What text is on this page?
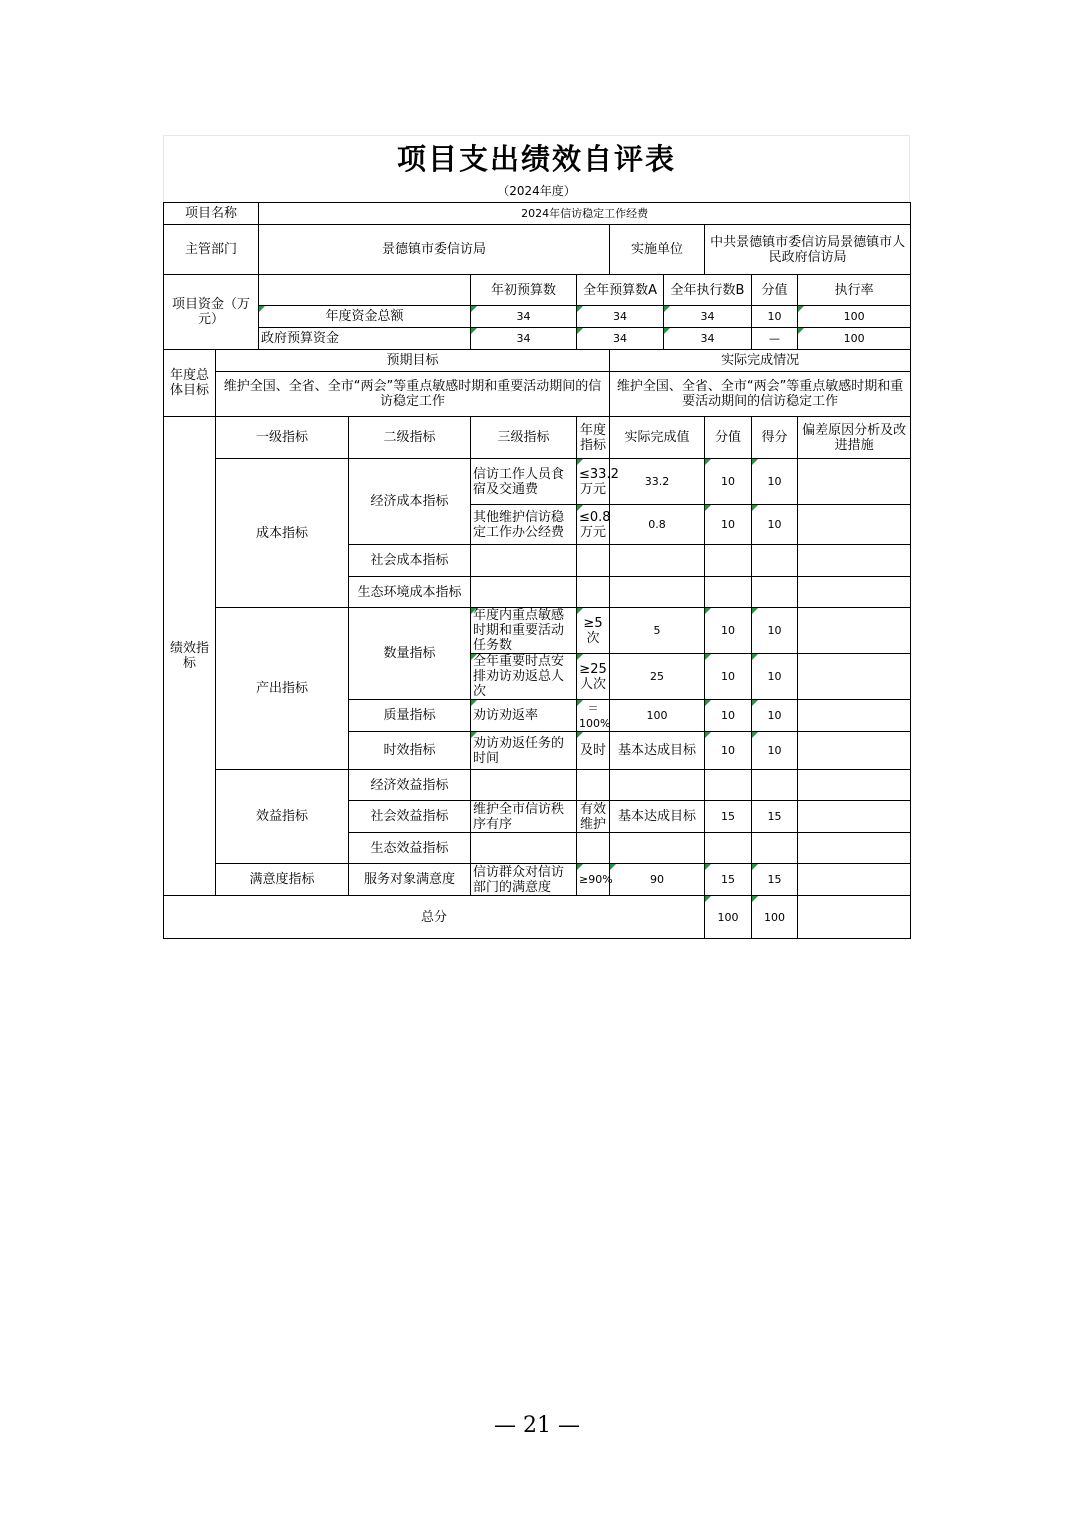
项目支出绩效自评表
（2024年度）
项目名称		2024年信访稳定工作经费									
主管部门		景德镇市委信访局				实施单位		中共景德镇市委信访局景德镇市人民政府信访局			
项目资金（万元）				年初预算数	全年预算数A		全年执行数B		分值	执行率	
		年度资金总额		34	34		34		10	100	
		政府预算资金		34	34		34		—	100	
年度总体目标	预期目标					实际完成情况					
	维护全国、全省、全市“两会”等重点敏感时期和重要活动期间的信访稳定工作					维护全国、全省、全市“两会”等重点敏感时期和重要活动期间的信访稳定工作					
绩效指标	一级指标		二级指标	三级指标	年度指标	实际完成值		分值	得分	偏差原因分析及改进措施	
	成本指标		经济成本指标	信访工作人员食宿及交通费	≤33.2万元	33.2		10	10		
				其他维护信访稳定工作办公经费	≤0.8万元	0.8		10	10		
			社会成本指标								
			生态环境成本指标								
	产出指标		数量指标	年度内重点敏感时期和重要活动任务数	≥5次	5		10	10		
				全年重要时点安排劝访劝返总人次	≥25人次	25		10	10		
			质量指标	劝访劝返率	＝100%	100		10	10		
			时效指标	劝访劝返任务的时间	及时	基本达成目标		10	10		
	效益指标		经济效益指标								
			社会效益指标	维护全市信访秩序有序	有效维护	基本达成目标		15	15		
			生态效益指标								
	满意度指标		服务对象满意度	信访群众对信访部门的满意度	≥90%	90		15	15		
总分								100	100		
— 21 —
